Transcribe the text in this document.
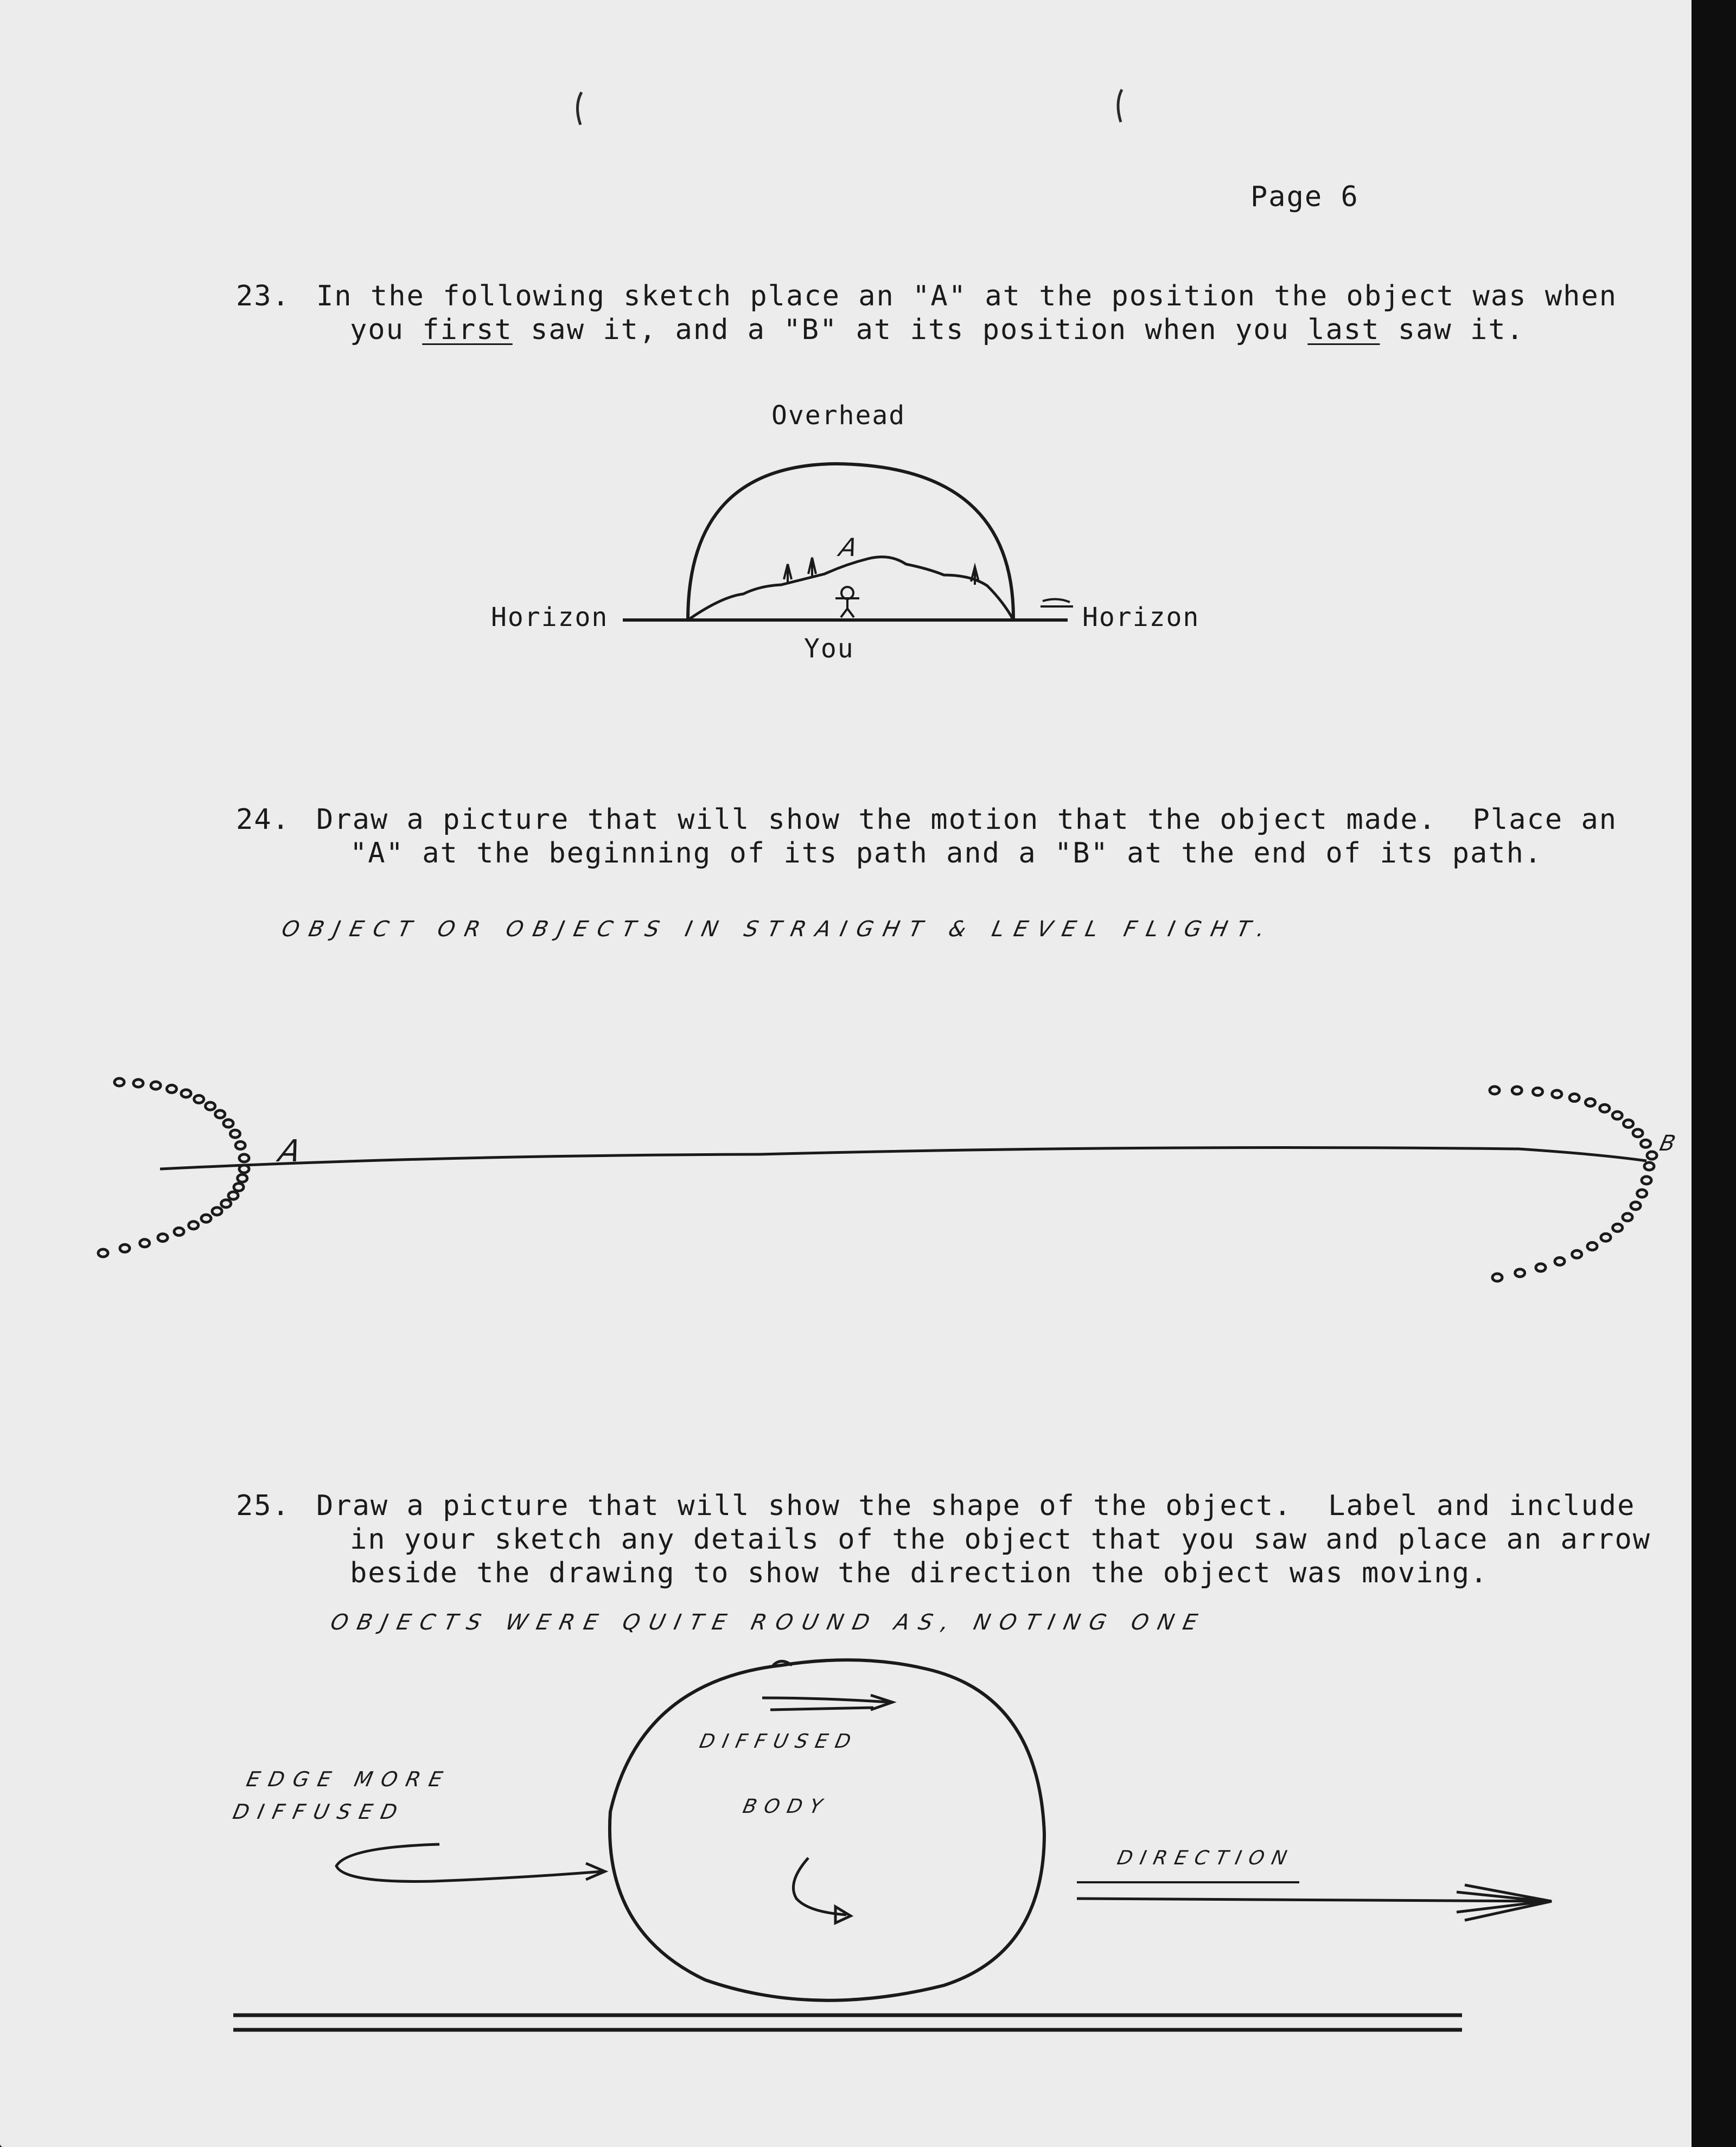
Page 6
23. In the following sketch place an "A" at the position the object was when
you first saw it, and a "B" at its position when you last saw it.
Overhead
Horizon	Horizon
You
A
24. Draw a picture that will show the motion that the object made.  Place an
"A" at the beginning of its path and a "B" at the end of its path.
OBJECT OR OBJECTS IN STRAIGHT & LEVEL FLIGHT.
A	B
25. Draw a picture that will show the shape of the object.  Label and include
in your sketch any details of the object that you saw and place an arrow
beside the drawing to show the direction the object was moving.
OBJECTS WERE QUITE ROUND AS, NOTING ONE
EDGE MORE
DIFFUSED
DIFFUSED
BODY
DIRECTION
